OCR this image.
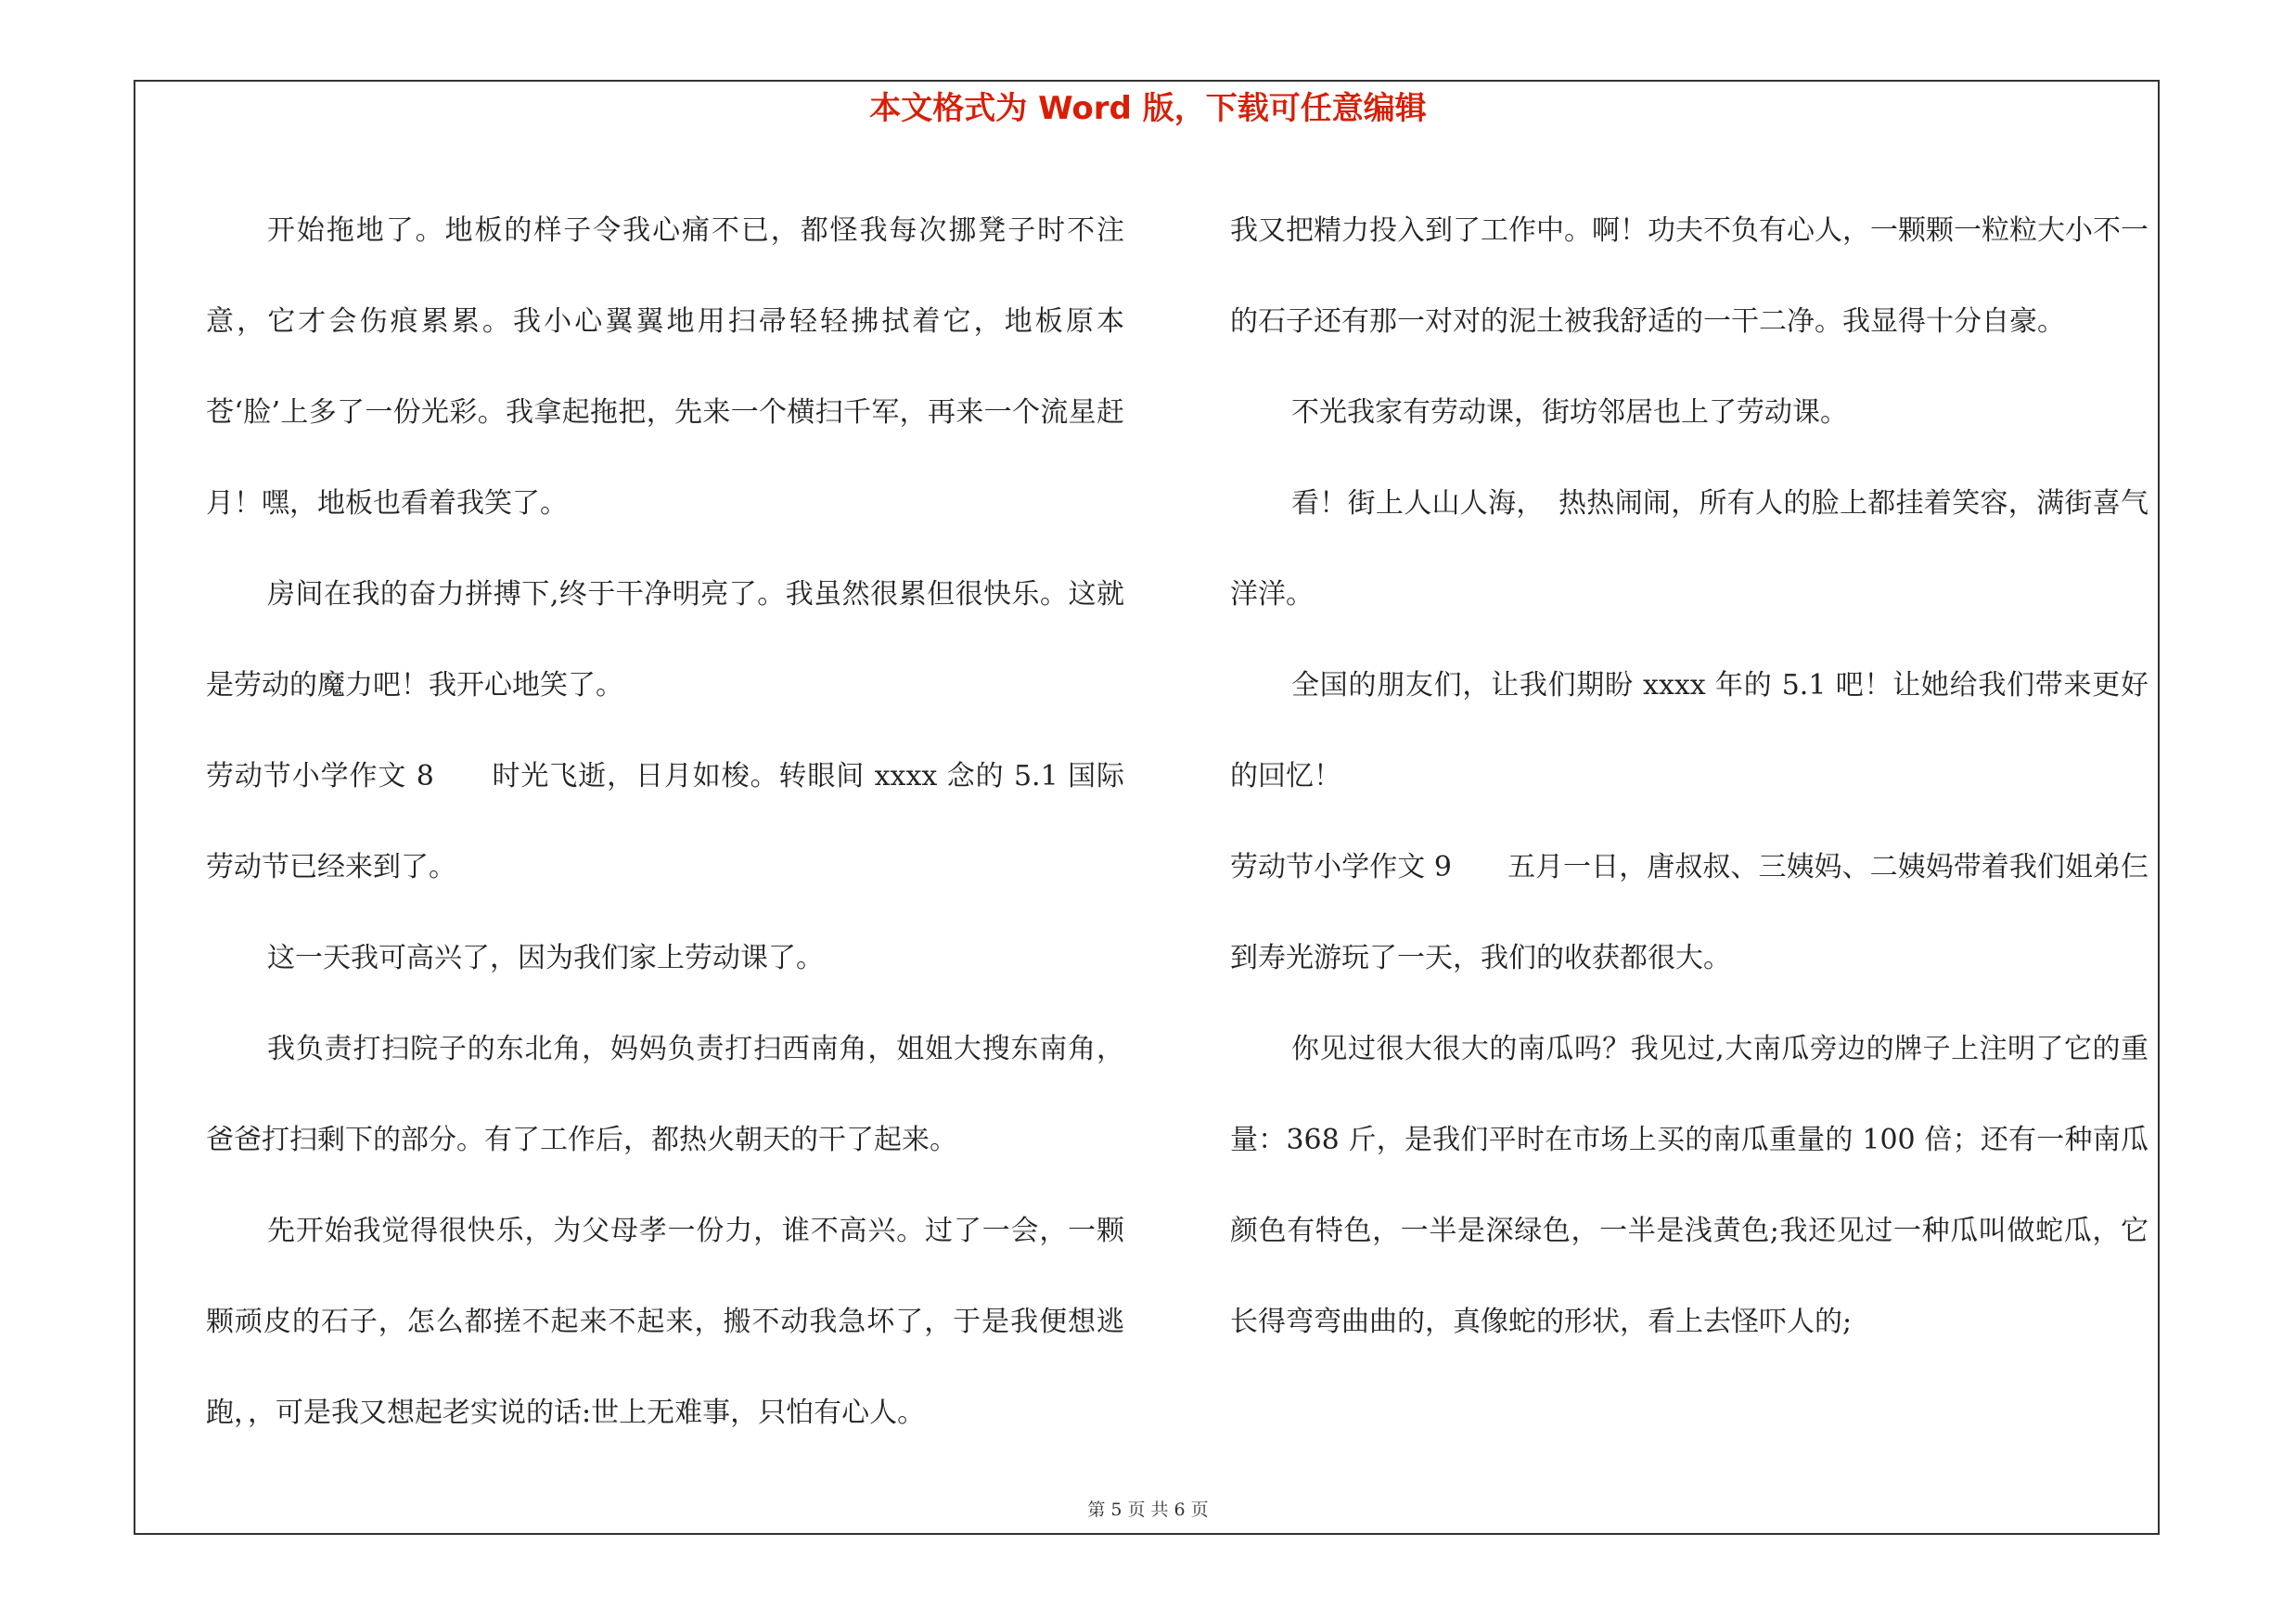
本文格式为 Word 版，下载可任意编辑

开始拖地了。地板的样子令我心痛不已，都怪我每次挪凳子时不注意，它才会伤痕累累。我小心翼翼地用扫帚轻轻拂拭着它，地板原本苍‘脸’上多了一份光彩。我拿起拖把，先来一个横扫千军，再来一个流星赶月！嘿，地板也看着我笑了。

房间在我的奋力拼搏下,终于干净明亮了。我虽然很累但很快乐。这就是劳动的魔力吧！我开心地笑了。

劳动节小学作文 8　　时光飞逝，日月如梭。转眼间 xxxx 念的 5.1 国际劳动节已经来到了。

这一天我可高兴了，因为我们家上劳动课了。

我负责打扫院子的东北角，妈妈负责打扫西南角，姐姐大搜东南角，爸爸打扫剩下的部分。有了工作后，都热火朝天的干了起来。

先开始我觉得很快乐，为父母孝一份力，谁不高兴。过了一会，一颗颗顽皮的石子，怎么都搓不起来不起来，搬不动我急坏了，于是我便想逃跑，，可是我又想起老实说的话:世上无难事，只怕有心人。

我又把精力投入到了工作中。啊！功夫不负有心人，一颗颗一粒粒大小不一的石子还有那一对对的泥土被我舒适的一干二净。我显得十分自豪。

不光我家有劳动课，街坊邻居也上了劳动课。

看！街上人山人海，　热热闹闹，所有人的脸上都挂着笑容，满街喜气洋洋。

全国的朋友们，让我们期盼 xxxx 年的 5.1 吧！让她给我们带来更好的回忆！

劳动节小学作文 9　　五月一日，唐叔叔、三姨妈、二姨妈带着我们姐弟仨到寿光游玩了一天，我们的收获都很大。

你见过很大很大的南瓜吗？我见过,大南瓜旁边的牌子上注明了它的重量：368 斤，是我们平时在市场上买的南瓜重量的 100 倍；还有一种南瓜颜色有特色，一半是深绿色，一半是浅黄色;我还见过一种瓜叫做蛇瓜，它长得弯弯曲曲的，真像蛇的形状，看上去怪吓人的;

第 5 页 共 6 页
